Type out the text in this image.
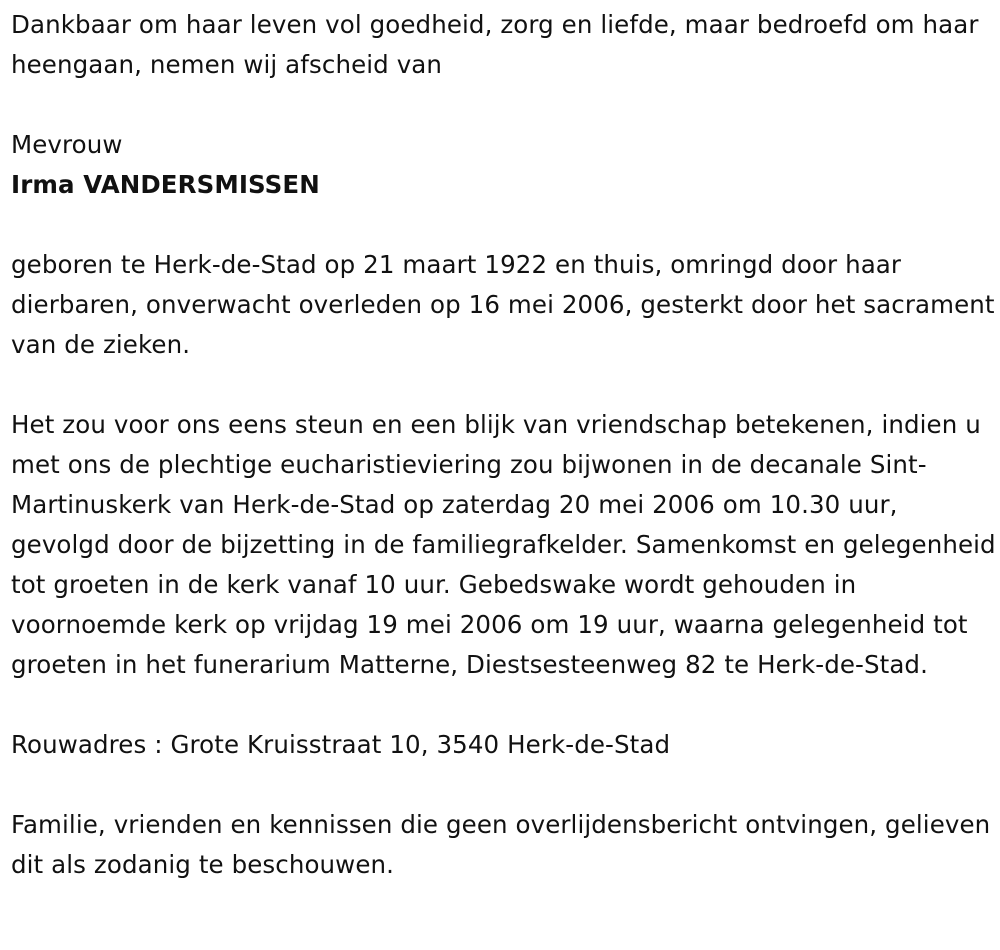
Dankbaar om haar leven vol goedheid, zorg en liefde, maar bedroefd om haar heengaan, nemen wij afscheid van

Mevrouw

Irma VANDERSMISSEN

geboren te Herk-de-Stad op 21 maart 1922 en thuis, omringd door haar dierbaren, onverwacht overleden op 16 mei 2006, gesterkt door het sacrament van de zieken.

Het zou voor ons eens steun en een blijk van vriendschap betekenen, indien u met ons de plechtige eucharistieviering zou bijwonen in de decanale Sint-Martinuskerk van Herk-de-Stad op zaterdag 20 mei 2006 om 10.30 uur, gevolgd door de bijzetting in de familiegrafkelder. Samenkomst en gelegenheid tot groeten in de kerk vanaf 10 uur. Gebedswake wordt gehouden in voornoemde kerk op vrijdag 19 mei 2006 om 19 uur, waarna gelegenheid tot groeten in het funerarium Matterne, Diestsesteenweg 82 te Herk-de-Stad.

Rouwadres : Grote Kruisstraat 10, 3540 Herk-de-Stad

Familie, vrienden en kennissen die geen overlijdensbericht ontvingen, gelieven dit als zodanig te beschouwen.
